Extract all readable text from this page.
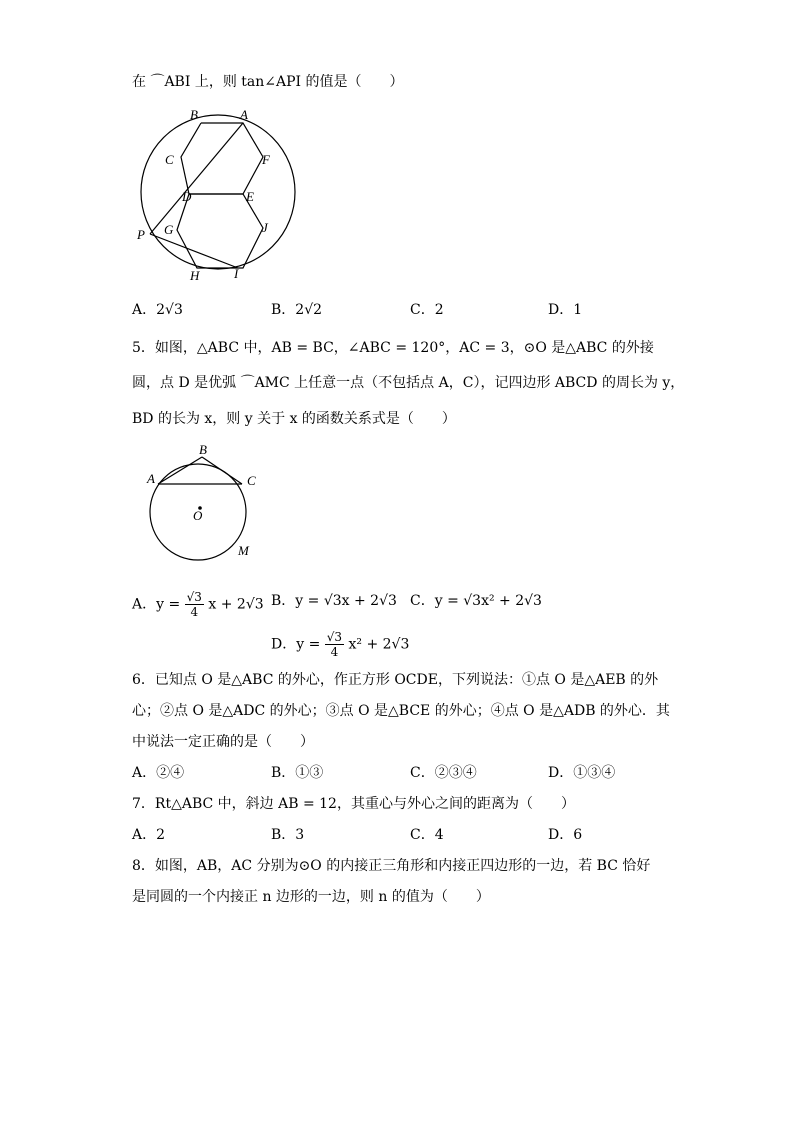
在 ⌒ABI 上，则 tan∠API 的值是（　　）
B	A
C	F
D	E
P G	J
H	I
A．2√3	B．2√2	C．2	D．1
5．如图，△ABC 中，AB = BC，∠ABC = 120°，AC = 3，⊙O 是△ABC 的外接
圆，点 D 是优弧 ⌒AMC 上任意一点（不包括点 A，C），记四边形 ABCD 的周长为 y，
BD 的长为 x，则 y 关于 x 的函数关系式是（　　）
B
A	C
O
M
A．$y = \frac{√3}{4}$ x + 2√3 B．y = √3x + 2√3 C．y = √3x² + 2√3
D．$y = \frac{√3}{4} x^2 + 2√3$
6．已知点 O 是△ABC 的外心，作正方形 OCDE，下列说法：①点 O 是△AEB 的外
心；②点 O 是△ADC 的外心；③点 O 是△BCE 的外心；④点 O 是△ADB 的外心．其
中说法一定正确的是（　　）
A．②④	B．①③	C．②③④	D．①③④
7．Rt△ABC 中，斜边 AB = 12，其重心与外心之间的距离为（　　）
A．2	B．3	C．4	D．6
8．如图，AB，AC 分别为⊙O 的内接正三角形和内接正四边形的一边，若 BC 恰好
是同圆的一个内接正 n 边形的一边，则 n 的值为（　　）
